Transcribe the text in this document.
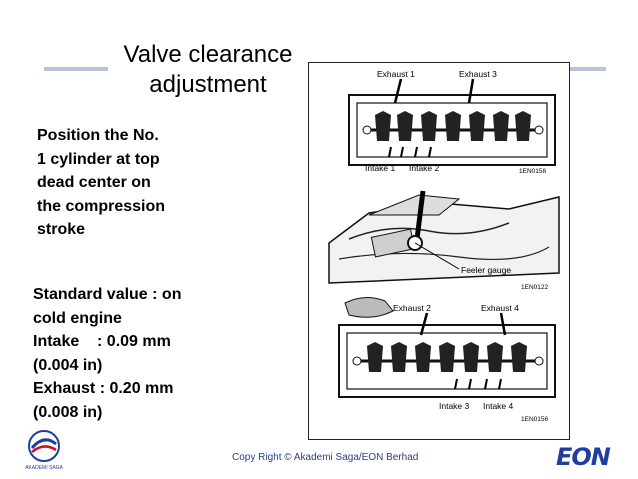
Valve clearance
adjustment
Position the No.
1 cylinder at top
dead center on
the compression
stroke
Standard value : on
cold engine
Intake    : 0.09 mm
(0.004 in)
Exhaust : 0.20 mm
(0.008 in)
Exhaust 1	Exhaust 3
Intake 1 Intake 2	1EN0158
Feeler gauge
1EN0122
Exhaust 2	Exhaust 4
Intake 3 Intake 4
1EN0156
AKADEMI SAGA
Copy Right © Akademi Saga/EON Berhad	EON
